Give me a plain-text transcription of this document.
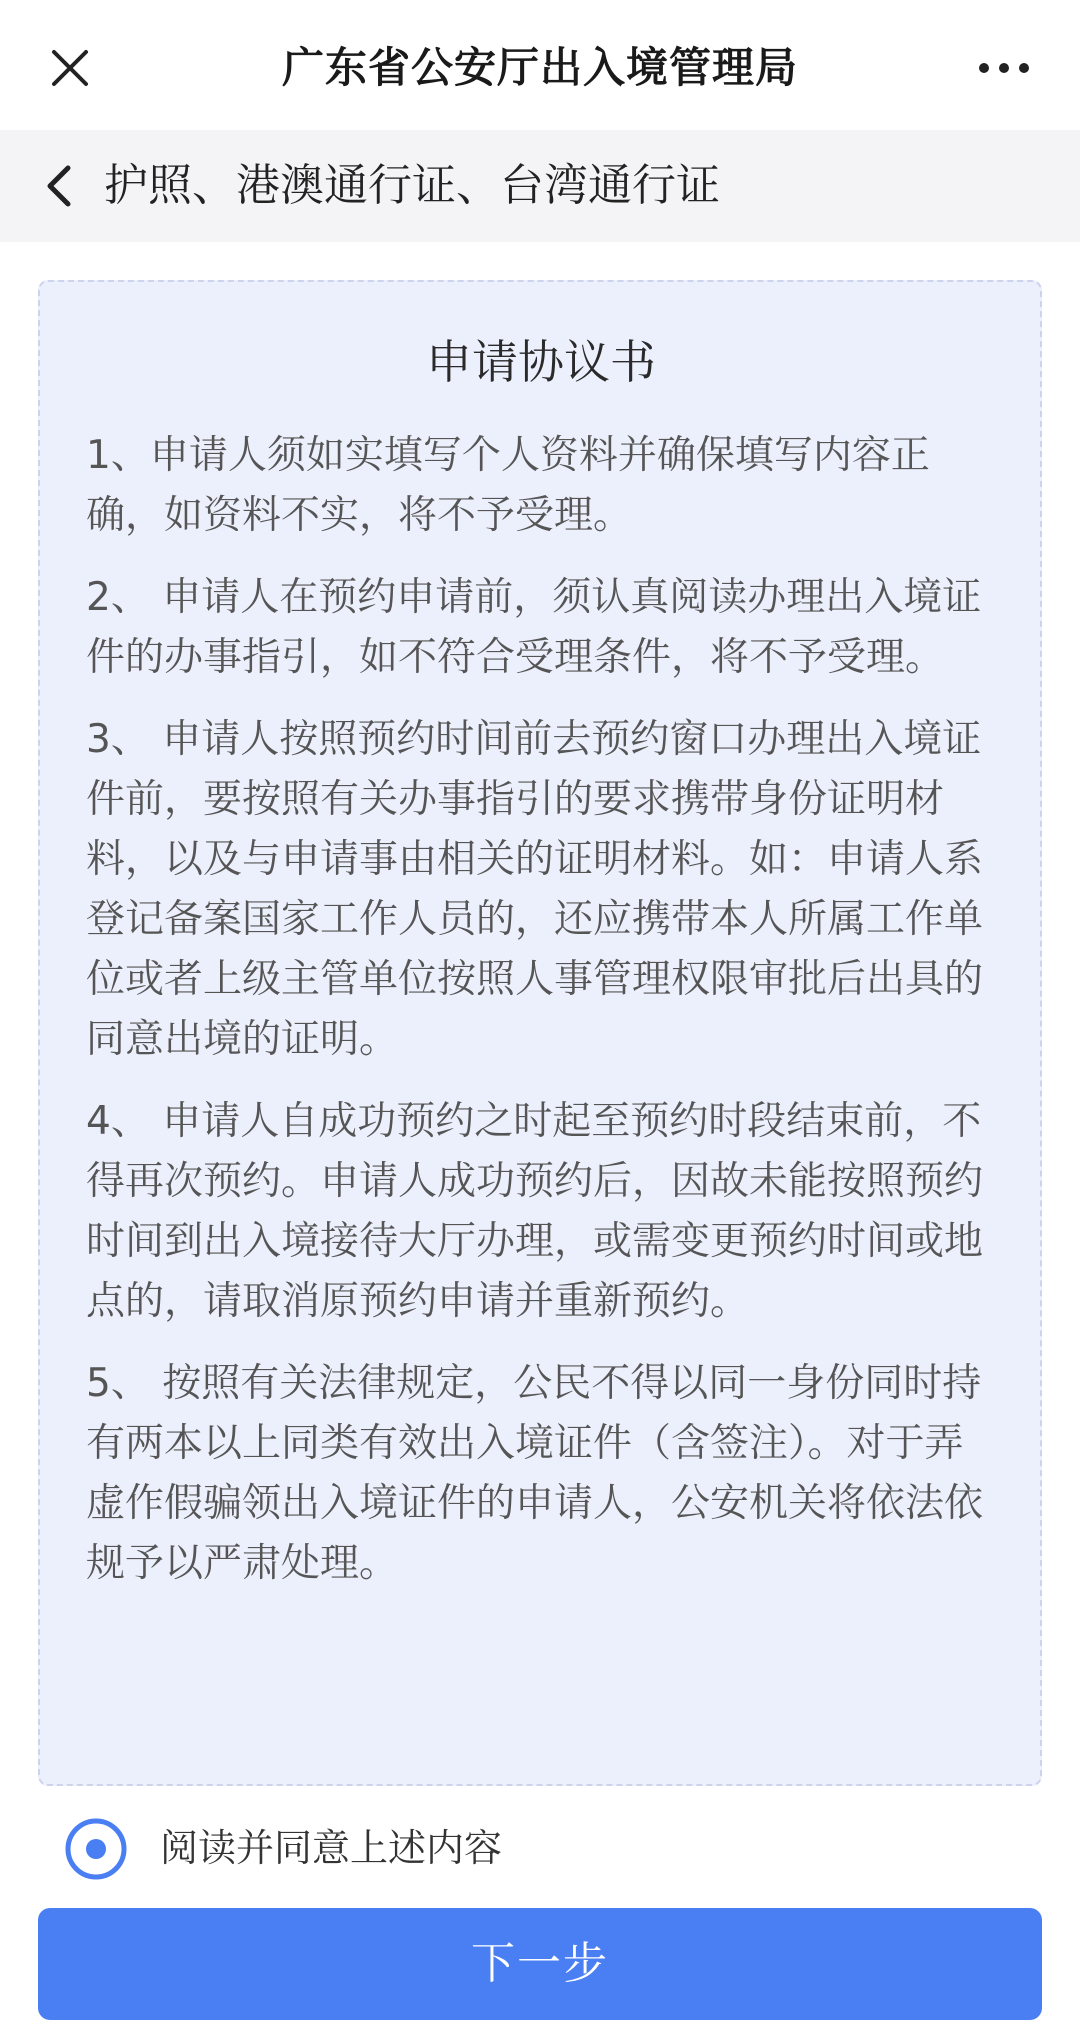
广东省公安厅出入境管理局
护照、港澳通行证、台湾通行证
申请协议书

1、申请人须如实填写个人资料并确保填写内容正确，如资料不实，将不予受理。

2、 申请人在预约申请前，须认真阅读办理出入境证件的办事指引，如不符合受理条件，将不予受理。

3、 申请人按照预约时间前去预约窗口办理出入境证件前，要按照有关办事指引的要求携带身份证明材料，以及与申请事由相关的证明材料。如：申请人系登记备案国家工作人员的，还应携带本人所属工作单位或者上级主管单位按照人事管理权限审批后出具的同意出境的证明。

4、 申请人自成功预约之时起至预约时段结束前，不得再次预约。申请人成功预约后，因故未能按照预约时间到出入境接待大厅办理，或需变更预约时间或地点的，请取消原预约申请并重新预约。

5、 按照有关法律规定，公民不得以同一身份同时持有两本以上同类有效出入境证件（含签注）。对于弄虚作假骗领出入境证件的申请人，公安机关将依法依规予以严肃处理。

阅读并同意上述内容
下一步
